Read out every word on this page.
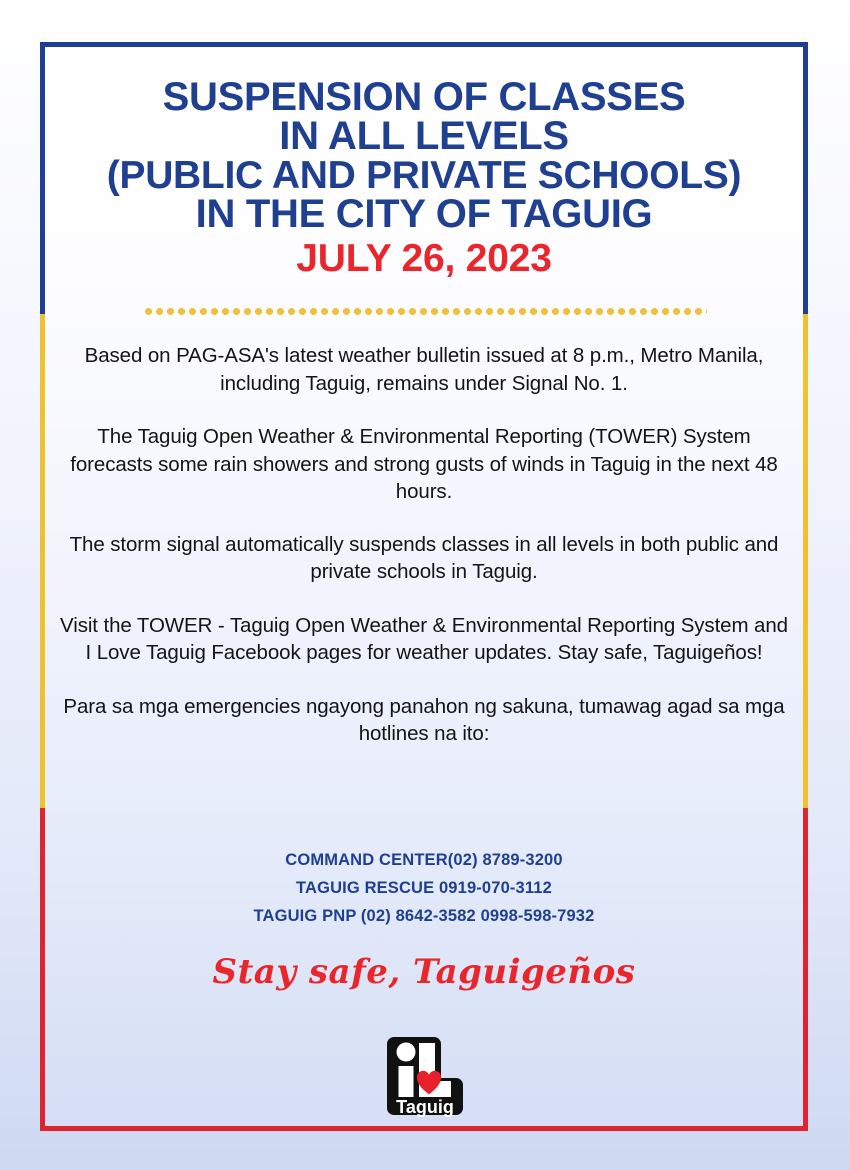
SUSPENSION OF CLASSES
IN ALL LEVELS
(PUBLIC AND PRIVATE SCHOOLS)
IN THE CITY OF TAGUIG
JULY 26, 2023

Based on PAG-ASA's latest weather bulletin issued at 8 p.m., Metro Manila, including Taguig, remains under Signal No. 1.

The Taguig Open Weather & Environmental Reporting (TOWER) System forecasts some rain showers and strong gusts of winds in Taguig in the next 48 hours.

The storm signal automatically suspends classes in all levels in both public and private schools in Taguig.

Visit the TOWER - Taguig Open Weather & Environmental Reporting System and I Love Taguig Facebook pages for weather updates. Stay safe, Taguigeños!

Para sa mga emergencies ngayong panahon ng sakuna, tumawag agad sa mga hotlines na ito:

COMMAND CENTER(02) 8789-3200
TAGUIG RESCUE 0919-070-3112
TAGUIG PNP (02) 8642-3582 0998-598-7932
Stay safe, Taguigeños
Taguig
